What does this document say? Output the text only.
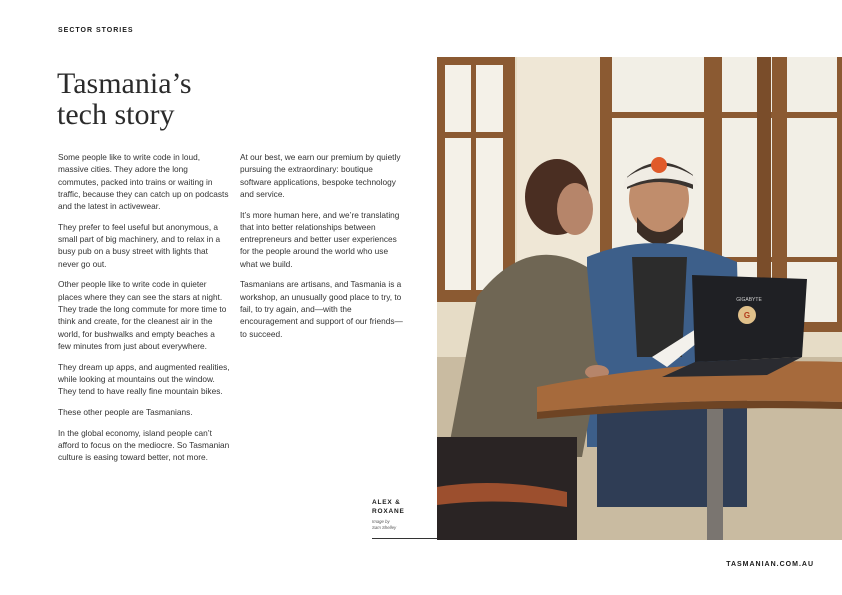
SECTOR STORIES
Tasmania’s
tech story

Some people like to write code in loud, massive cities. They adore the long commutes, packed into trains or waiting in traffic, because they can catch up on podcasts and the latest in activewear.

They prefer to feel useful but anonymous, a small part of big machinery, and to relax in a busy pub on a busy street with lights that never go out.

Other people like to write code in quieter places where they can see the stars at night. They trade the long commute for more time to think and create, for the cleanest air in the world, for bushwalks and empty beaches a few minutes from just about everywhere.

They dream up apps, and augmented realities, while looking at mountains out the window. They tend to have really fine mountain bikes.

These other people are Tasmanians.

In the global economy, island people can’t afford to focus on the mediocre. So Tasmanian culture is easing toward better, not more.

At our best, we earn our premium by quietly pursuing the extraordinary: boutique software applications, bespoke technology and service.

It’s more human here, and we’re translating that into better relationships between entrepreneurs and better user experiences for the people around the world who use what we build.

Tasmanians are artisans, and Tasmania is a workshop, an unusually good place to try, to fail, to try again, and—with the encouragement and support of our friends—to succeed.

G
GIGABYTE
ALEX &
ROXANE
Image by
Sam Shelley
TASMANIAN.COM.AU
